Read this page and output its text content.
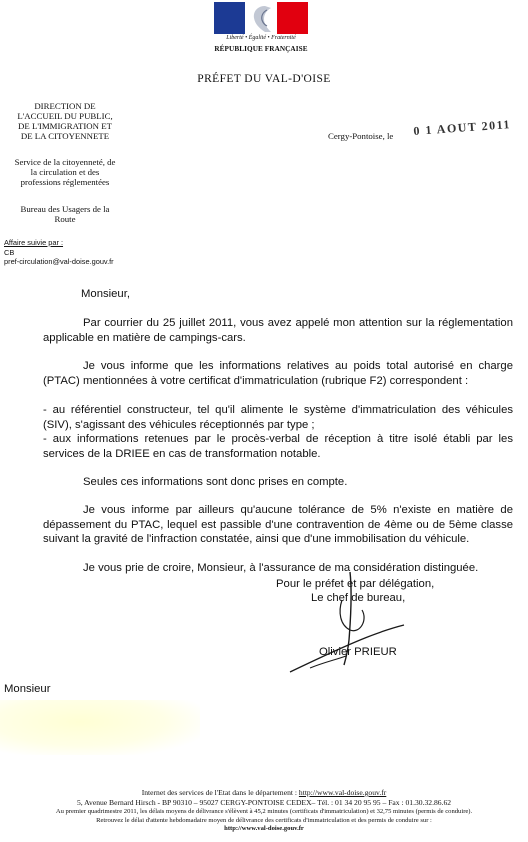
Liberté • Égalité • Fraternité
RÉPUBLIQUE FRANÇAISE
PRÉFET DU VAL-D'OISE
DIRECTION DE
L'ACCUEIL DU PUBLIC,
DE L'IMMIGRATION ET
DE LA CITOYENNETE
Service de la citoyenneté, de
la circulation et des
professions réglementées
Bureau des Usagers de la
Route
Affaire suivie par :
CB
pref-circulation@val-doise.gouv.fr
Cergy-Pontoise, le 0 1 AOUT 2011
Monsieur,
Par courrier du 25 juillet 2011, vous avez appelé mon attention sur la réglementation applicable en matière de campings-cars.
Je vous informe que les informations relatives au poids total autorisé en charge (PTAC) mentionnées à votre certificat d'immatriculation (rubrique F2) correspondent :
- au référentiel constructeur, tel qu'il alimente le système d'immatriculation des véhicules (SIV), s'agissant des véhicules réceptionnés par type ;
- aux informations retenues par le procès-verbal de réception à titre isolé établi par les services de la DRIEE en cas de transformation notable.
Seules ces informations sont donc prises en compte.
Je vous informe par ailleurs qu'aucune tolérance de 5% n'existe en matière de dépassement du PTAC, lequel est passible d'une contravention de 4ème ou de 5ème classe suivant la gravité de l'infraction constatée, ainsi que d'une immobilisation du véhicule.
Je vous prie de croire, Monsieur, à l'assurance de ma considération distinguée.
Pour le préfet et par délégation,
Le chef de bureau,
Olivier PRIEUR
Monsieur
Internet des services de l'Etat dans le département : http://www.val-doise.gouv.fr
5, Avenue Bernard Hirsch - BP 90310 – 95027 CERGY-PONTOISE CEDEX– Tél. : 01 34 20 95 95 – Fax : 01.30.32.86.62
Au premier quadrimestre 2011, les délais moyens de délivrance s'élèvent à 45,2 minutes (certificats d'immatriculation) et 32,75 minutes (permis de conduire).
Retrouvez le délai d'attente hebdomadaire moyen de délivrance des certificats d'immatriculation et des permis de conduire sur :
http://www.val-doise.gouv.fr
